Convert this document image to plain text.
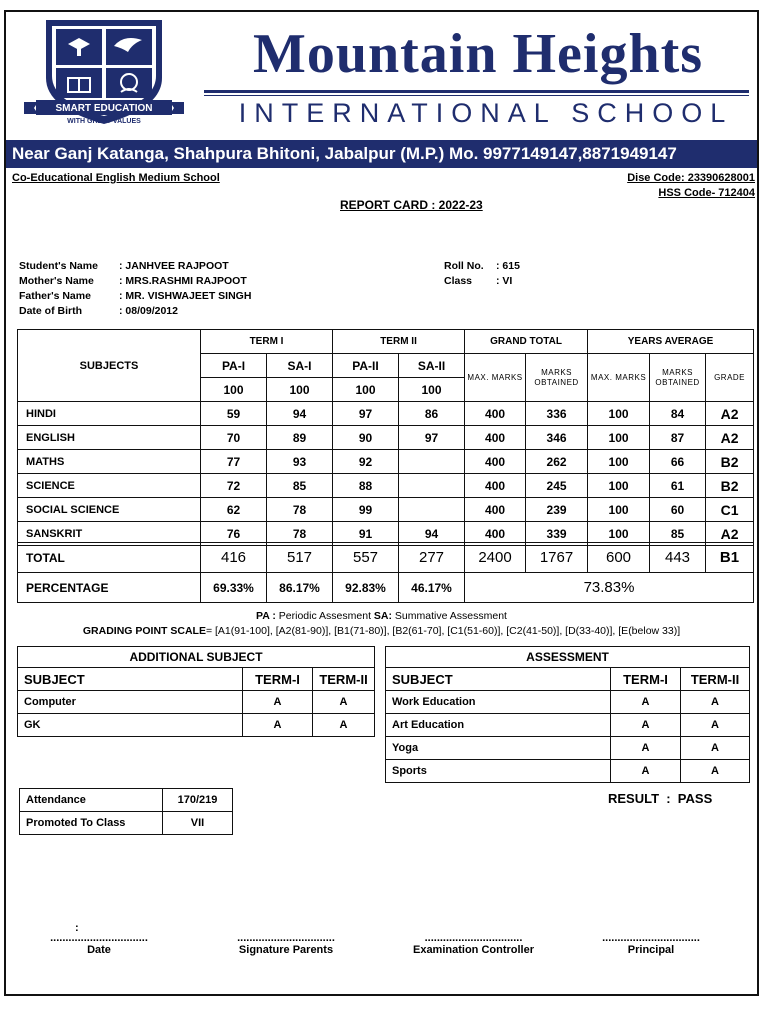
SMART EDUCATION
WITH GREAT VALUES
Mountain Heights
INTERNATIONAL SCHOOL
Near Ganj Katanga, Shahpura Bhitoni, Jabalpur (M.P.) Mo. 9977149147,8871949147
Co-Educational English Medium School	Dise Code: 23390628001
HSS Code- 712404
REPORT CARD : 2022-23
Student's Name : JANHVEE RAJPOOT
Mother's Name : MRS.RASHMI RAJPOOT
Father's Name	: MR. VISHWAJEET SINGH
Date of Birth	: 08/09/2012
Roll No. : 615
Class : VI
SUBJECTS	TERM I		TERM II		GRAND TOTAL		YEARS AVERAGE		
	PA-I	SA-I	PA-II	SA-II	MAX. MARKS	MARKS OBTAINED	MAX. MARKS	MARKS OBTAINED	GRADE
	100	100	100	100					
HINDI	59	94	97	86	400	336	100	84	A2
ENGLISH	70	89	90	97	400	346	100	87	A2
MATHS	77	93	92		400	262	100	66	B2
SCIENCE	72	85	88		400	245	100	61	B2
SOCIAL SCIENCE	62	78	99		400	239	100	60	C1
SANSKRIT	76	78	91	94	400	339	100	85	A2
TOTAL	416	517	557	277	2400	1767	600	443	B1
PERCENTAGE	69.33%	86.17%	92.83%	46.17%	73.83%				
PA : Periodic Assesment SA: Summative Assessment
GRADING POINT SCALE= [A1(91-100], [A2(81-90)], [B1(71-80)], [B2(61-70], [C1(51-60)], [C2(41-50)], [D(33-40)], [E(below 33)]
ADDITIONAL SUBJECT		
SUBJECT	TERM-I	TERM-II
Computer	A	A
GK	A	A
ASSESSMENT		
SUBJECT	TERM-I	TERM-II
Work Education	A	A
Art Education	A	A
Yoga	A	A
Sports	A	A
Attendance	170/219
Promoted To Class	VII
RESULT  :  PASS
:
................................
Date
................................
Signature Parents
................................
Examination Controller
................................
Principal
